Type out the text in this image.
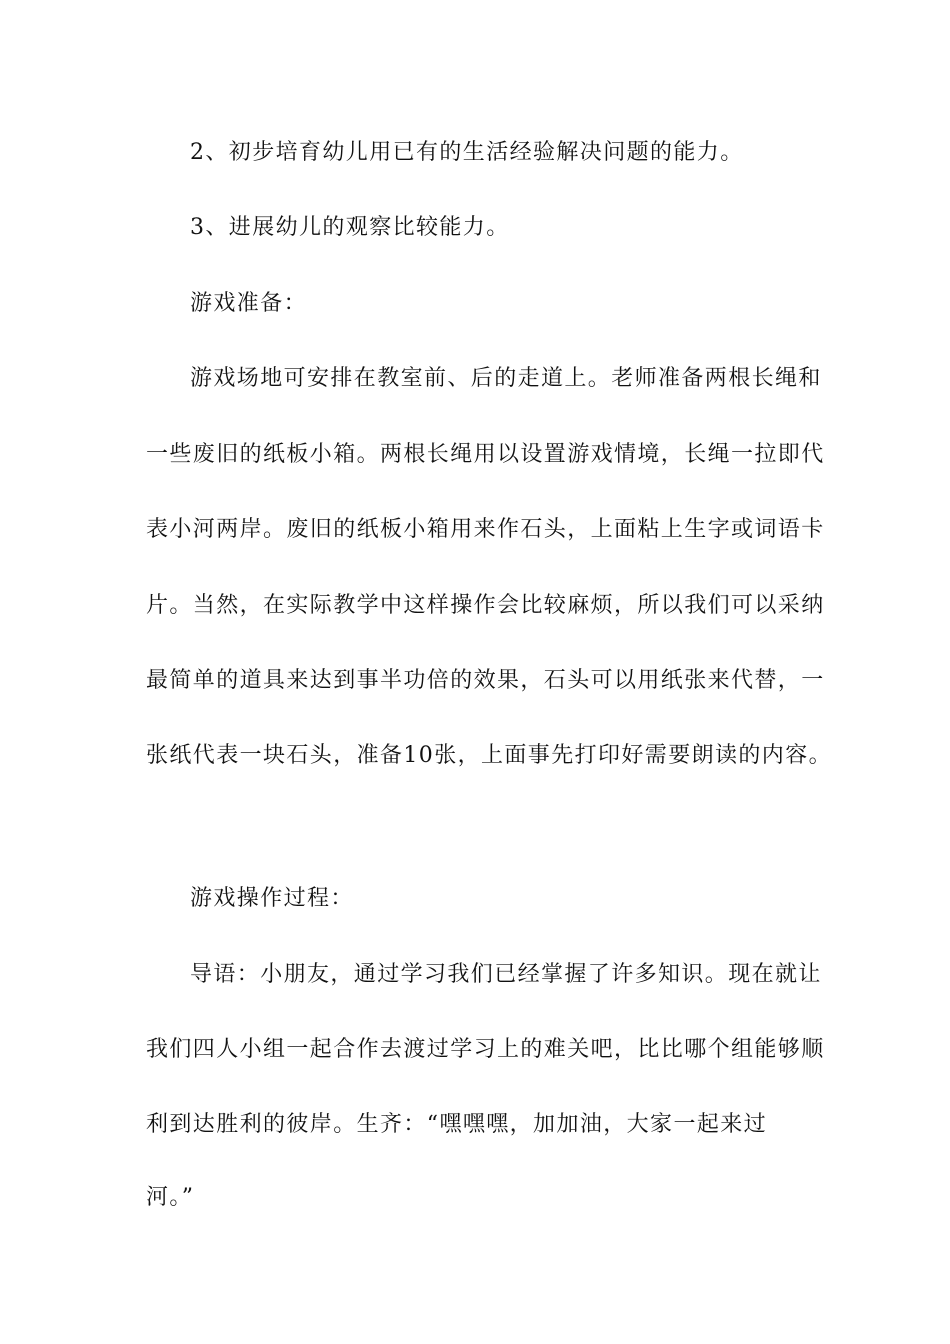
2、初步培育幼儿用已有的生活经验解决问题的能力。
3、进展幼儿的观察比较能力。
游戏准备：
游戏场地可安排在教室前、后的走道上。老师准备两根长绳和
一些废旧的纸板小箱。两根长绳用以设置游戏情境，长绳一拉即代
表小河两岸。废旧的纸板小箱用来作石头，上面粘上生字或词语卡
片。当然，在实际教学中这样操作会比较麻烦，所以我们可以采纳
最简单的道具来达到事半功倍的效果，石头可以用纸张来代替，一
张纸代表一块石头，准备10张，上面事先打印好需要朗读的内容。
游戏操作过程：
导语：小朋友，通过学习我们已经掌握了许多知识。现在就让
我们四人小组一起合作去渡过学习上的难关吧，比比哪个组能够顺
利到达胜利的彼岸。生齐：“嘿嘿嘿，加加油，大家一起来过
河。”
